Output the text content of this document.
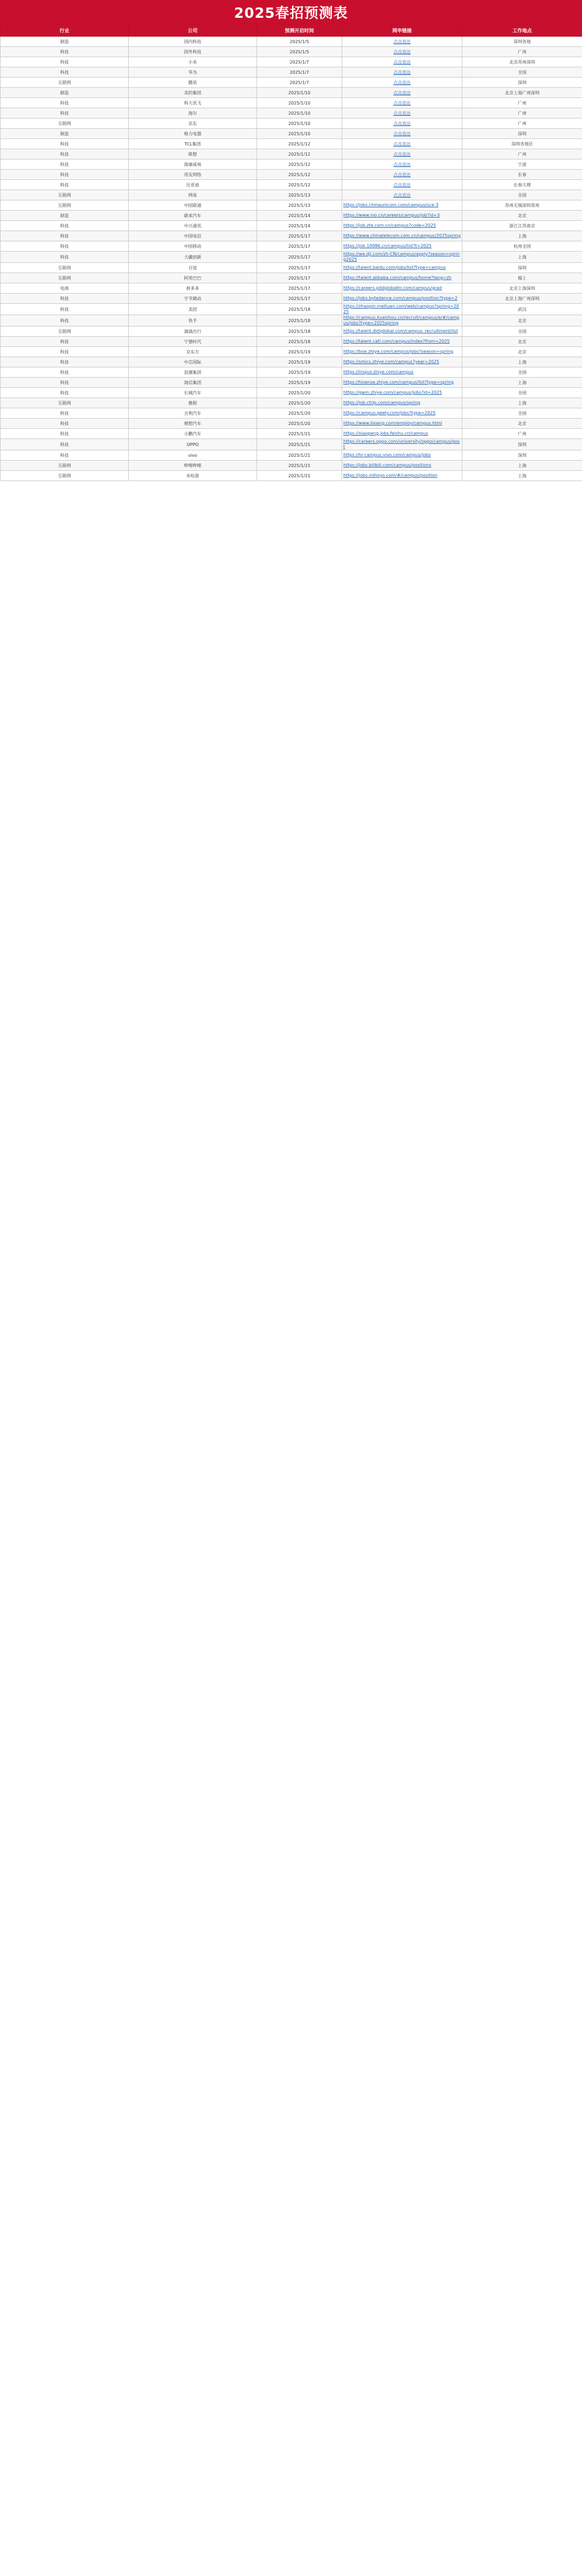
2025春招预测表
行业	公司	预测开启时间	网申链接	工作地点
制造	国内科技	2025/1/5	点击直达	深圳各地
科技	国外科技	2025/1/5	点击直达	广州
科技	小米	2025/1/7	点击直达	北京苏州深圳
科技	华为	2025/1/7	点击直达	全国
互联网	腾讯	2025/1/7	点击直达	深圳
制造	美的集团	2025/1/10	点击直达	北京上海广州深圳
科技	科大讯飞	2025/1/10	点击直达	广州
科技	海尔	2025/1/10	点击直达	广州
互联网	京东	2025/1/10	点击直达	广州
制造	格力电器	2025/1/10	点击直达	深圳
科技	TCL集团	2025/1/12	点击直达	深圳各地区
科技	联想	2025/1/12	点击直达	广州
科技	海康威视	2025/1/12	点击直达	宁波
科技	用友网络	2025/1/12	点击直达	长春
科技	比亚迪	2025/1/12	点击直达	长春大理
互联网	网易	2025/1/13	点击直达	全国
互联网	中国联通	2025/1/13	https://jobs.chinaunicom.com/campus/sce-3	苏州无锡深圳常州
制造	蔚来汽车	2025/1/14	https://www.nio.cn/careers/campus/job?id=3	北京
科技	中兴通讯	2025/1/14	https://job.zte.com.cn/campus?code=2025	浙江江苏南京
科技	中国电信	2025/1/17	https://www.chinatelecom.com.cn/campus/2025spring	上海
科技	中国移动	2025/1/17	https://job.10086.cn/campus/list?t=2025	杭州全国
科技	大疆创新	2025/1/17	https://we.dji.com/zh-CN/campus/apply?season=spring2025	上海
互联网	百度	2025/1/17	https://talent.baidu.com/jobs/list?type=campus	深圳
互联网	阿里巴巴	2025/1/17	https://talent.alibaba.com/campus/home?lang=zh	揭上
电商	拼多多	2025/1/17	https://careers.pddglobalhr.com/campus/grad	北京上海深圳
科技	字节跳动	2025/1/17	https://jobs.bytedance.com/campus/position?type=2	北京上海广州深圳
科技	美团	2025/1/18	https://zhaopin.meituan.com/web/campus?spring=2025	武汉
科技	快手	2025/1/18	https://campus.kuaishou.cn/recruit/campus/e/#/campus/jobs?type=2025spring	北京
互联网	滴滴出行	2025/1/18	https://talent.didiglobal.com/campus_recruitment/list	全国
科技	宁德时代	2025/1/18	https://talent.catl.com/campus/index?from=2025	北京
科技	京东方	2025/1/19	https://boe.zhiye.com/campus/jobs?season=spring	北京
科技	中芯国际	2025/1/19	https://smics.zhiye.com/campus?year=2025	上海
科技	浪潮集团	2025/1/19	https://inspur.zhiye.com/campus	全国
科技	海信集团	2025/1/19	https://hisense.zhiye.com/campus/list?type=spring	上海
科技	长城汽车	2025/1/20	https://gwm.zhiye.com/campus/jobs?id=2025	全国
互联网	携程	2025/1/20	https://job.ctrip.com/campus/spring	上海
科技	吉利汽车	2025/1/20	https://campus.geely.com/jobs?type=2025	全国
科技	理想汽车	2025/1/20	https://www.lixiang.com/employ/campus.html	北京
科技	小鹏汽车	2025/1/21	https://xiaopeng.jobs.feishu.cn/campus	广州
科技	OPPO	2025/1/21	https://careers.oppo.com/university/oppo/campus/post	深圳
科技	vivo	2025/1/21	https://hr-campus.vivo.com/campus/jobs	深圳
互联网	哔哩哔哩	2025/1/21	https://jobs.bilibili.com/campus/positions	上海
互联网	米哈游	2025/1/21	https://jobs.mihoyo.com/#/campus/position	上海
